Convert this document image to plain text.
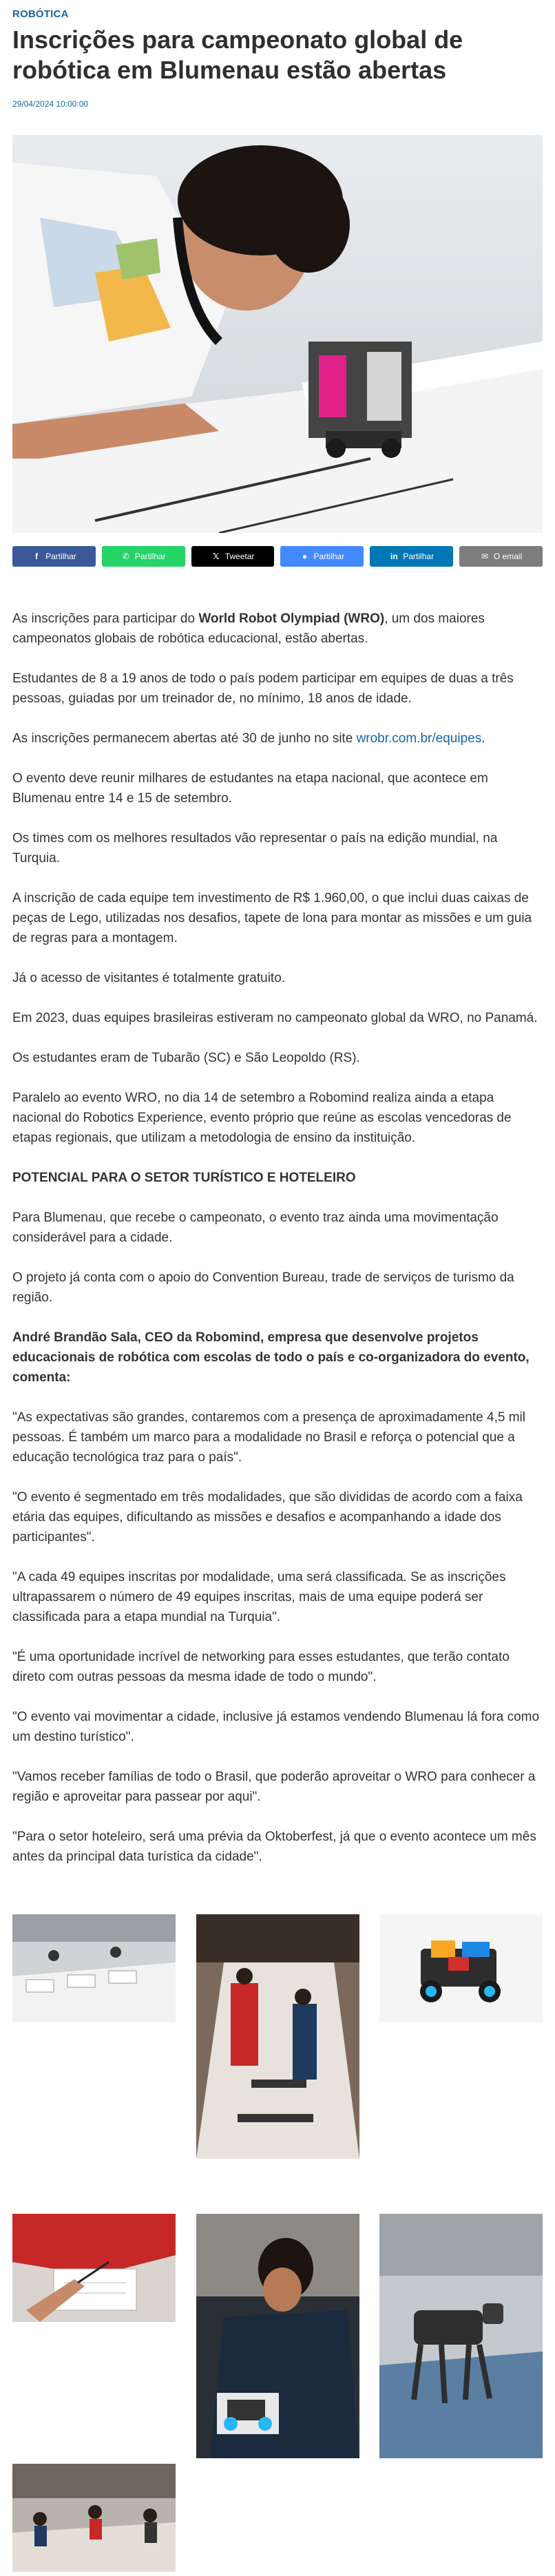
ROBÓTICA
Inscrições para campeonato global de robótica em Blumenau estão abertas
29/04/2024 10:00:00
f Partilhar	✆ Partilhar	𝕏 Tweetar	● Partilhar	in Partilhar	✉ O email

As inscrições para participar do World Robot Olympiad (WRO), um dos maiores campeonatos globais de robótica educacional, estão abertas.

Estudantes de 8 a 19 anos de todo o país podem participar em equipes de duas a três pessoas, guiadas por um treinador de, no mínimo, 18 anos de idade.

As inscrições permanecem abertas até 30 de junho no site wrobr.com.br/equipes.

O evento deve reunir milhares de estudantes na etapa nacional, que acontece em Blumenau entre 14 e 15 de setembro.

Os times com os melhores resultados vão representar o país na edição mundial, na Turquia.

A inscrição de cada equipe tem investimento de R$ 1.960,00, o que inclui duas caixas de peças de Lego, utilizadas nos desafios, tapete de lona para montar as missões e um guia de regras para a montagem.

Já o acesso de visitantes é totalmente gratuito.

Em 2023, duas equipes brasileiras estiveram no campeonato global da WRO, no Panamá.

Os estudantes eram de Tubarão (SC) e São Leopoldo (RS).

Paralelo ao evento WRO, no dia 14 de setembro a Robomind realiza ainda a etapa nacional do Robotics Experience, evento próprio que reúne as escolas vencedoras de etapas regionais, que utilizam a metodologia de ensino da instituição.

POTENCIAL PARA O SETOR TURÍSTICO E HOTELEIRO

Para Blumenau, que recebe o campeonato, o evento traz ainda uma movimentação considerável para a cidade.

O projeto já conta com o apoio do Convention Bureau, trade de serviços de turismo da região.

André Brandão Sala, CEO da Robomind, empresa que desenvolve projetos educacionais de robótica com escolas de todo o país e co-organizadora do evento, comenta:

"As expectativas são grandes, contaremos com a presença de aproximadamente 4,5 mil pessoas. É também um marco para a modalidade no Brasil e reforça o potencial que a educação tecnológica traz para o país".

"O evento é segmentado em três modalidades, que são divididas de acordo com a faixa etária das equipes, dificultando as missões e desafios e acompanhando a idade dos participantes".

"A cada 49 equipes inscritas por modalidade, uma será classificada. Se as inscrições ultrapassarem o número de 49 equipes inscritas, mais de uma equipe poderá ser classificada para a etapa mundial na Turquia".

"É uma oportunidade incrível de networking para esses estudantes, que terão contato direto com outras pessoas da mesma idade de todo o mundo".

"O evento vai movimentar a cidade, inclusive já estamos vendendo Blumenau lá fora como um destino turístico".

"Vamos receber famílias de todo o Brasil, que poderão aproveitar o WRO para conhecer a região e aproveitar para passear por aqui".

"Para o setor hoteleiro, será uma prévia da Oktoberfest, já que o evento acontece um mês antes da principal data turística da cidade".
